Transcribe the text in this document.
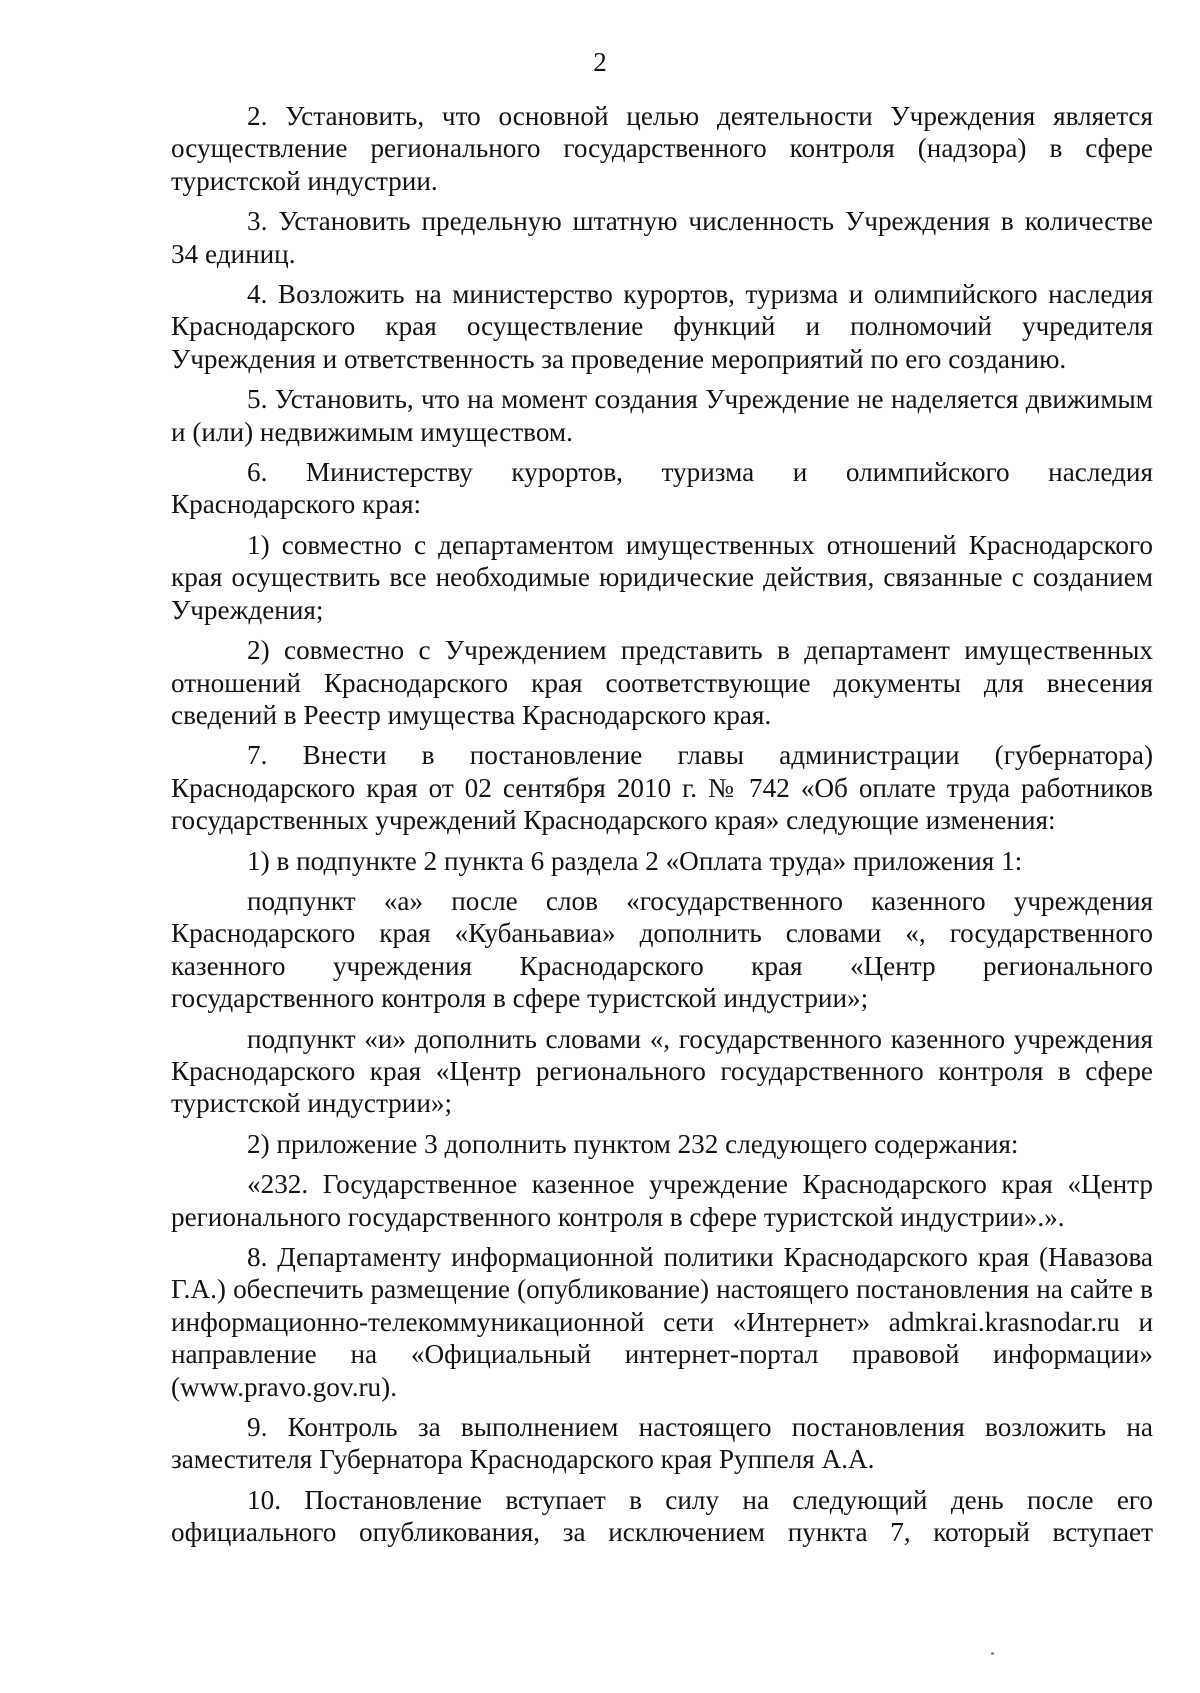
2

2. Установить, что основной целью деятельности Учреждения является осуществление регионального государственного контроля (надзора) в сфере туристской индустрии.

3. Установить предельную штатную численность Учреждения в количестве 34 единиц.

4. Возложить на министерство курортов, туризма и олимпийского наследия Краснодарского края осуществление функций и полномочий учредителя Учреждения и ответственность за проведение мероприятий по его созданию.

5. Установить, что на момент создания Учреждение не наделяется движимым и (или) недвижимым имуществом.

6. Министерству курортов, туризма и олимпийского наследия Краснодарского края:

1) совместно с департаментом имущественных отношений Краснодарского края осуществить все необходимые юридические действия, связанные с созданием Учреждения;

2) совместно с Учреждением представить в департамент имущественных отношений Краснодарского края соответствующие документы для внесения сведений в Реестр имущества Краснодарского края.

7. Внести в постановление главы администрации (губернатора) Краснодарского края от 02 сентября 2010 г. № 742 «Об оплате труда работников государственных учреждений Краснодарского края» следующие изменения:

1) в подпункте 2 пункта 6 раздела 2 «Оплата труда» приложения 1:

подпункт «а» после слов «государственного казенного учреждения Краснодарского края «Кубаньавиа» дополнить словами «, государственного казенного учреждения Краснодарского края «Центр регионального государственного контроля в сфере туристской индустрии»;

подпункт «и» дополнить словами «, государственного казенного учреждения Краснодарского края «Центр регионального государственного контроля в сфере туристской индустрии»;

2) приложение 3 дополнить пунктом 232 следующего содержания:

«232. Государственное казенное учреждение Краснодарского края «Центр регионального государственного контроля в сфере туристской индустрии».».

8. Департаменту информационной политики Краснодарского края (Навазова Г.А.) обеспечить размещение (опубликование) настоящего постановления на сайте в информационно-телекоммуникационной сети «Интернет» admkrai.krasnodar.ru и направление на «Официальный интернет-портал правовой информации» (www.pravo.gov.ru).

9. Контроль за выполнением настоящего постановления возложить на заместителя Губернатора Краснодарского края Руппеля А.А.

10. Постановление вступает в силу на следующий день после его официального опубликования, за исключением пункта 7, который вступает
